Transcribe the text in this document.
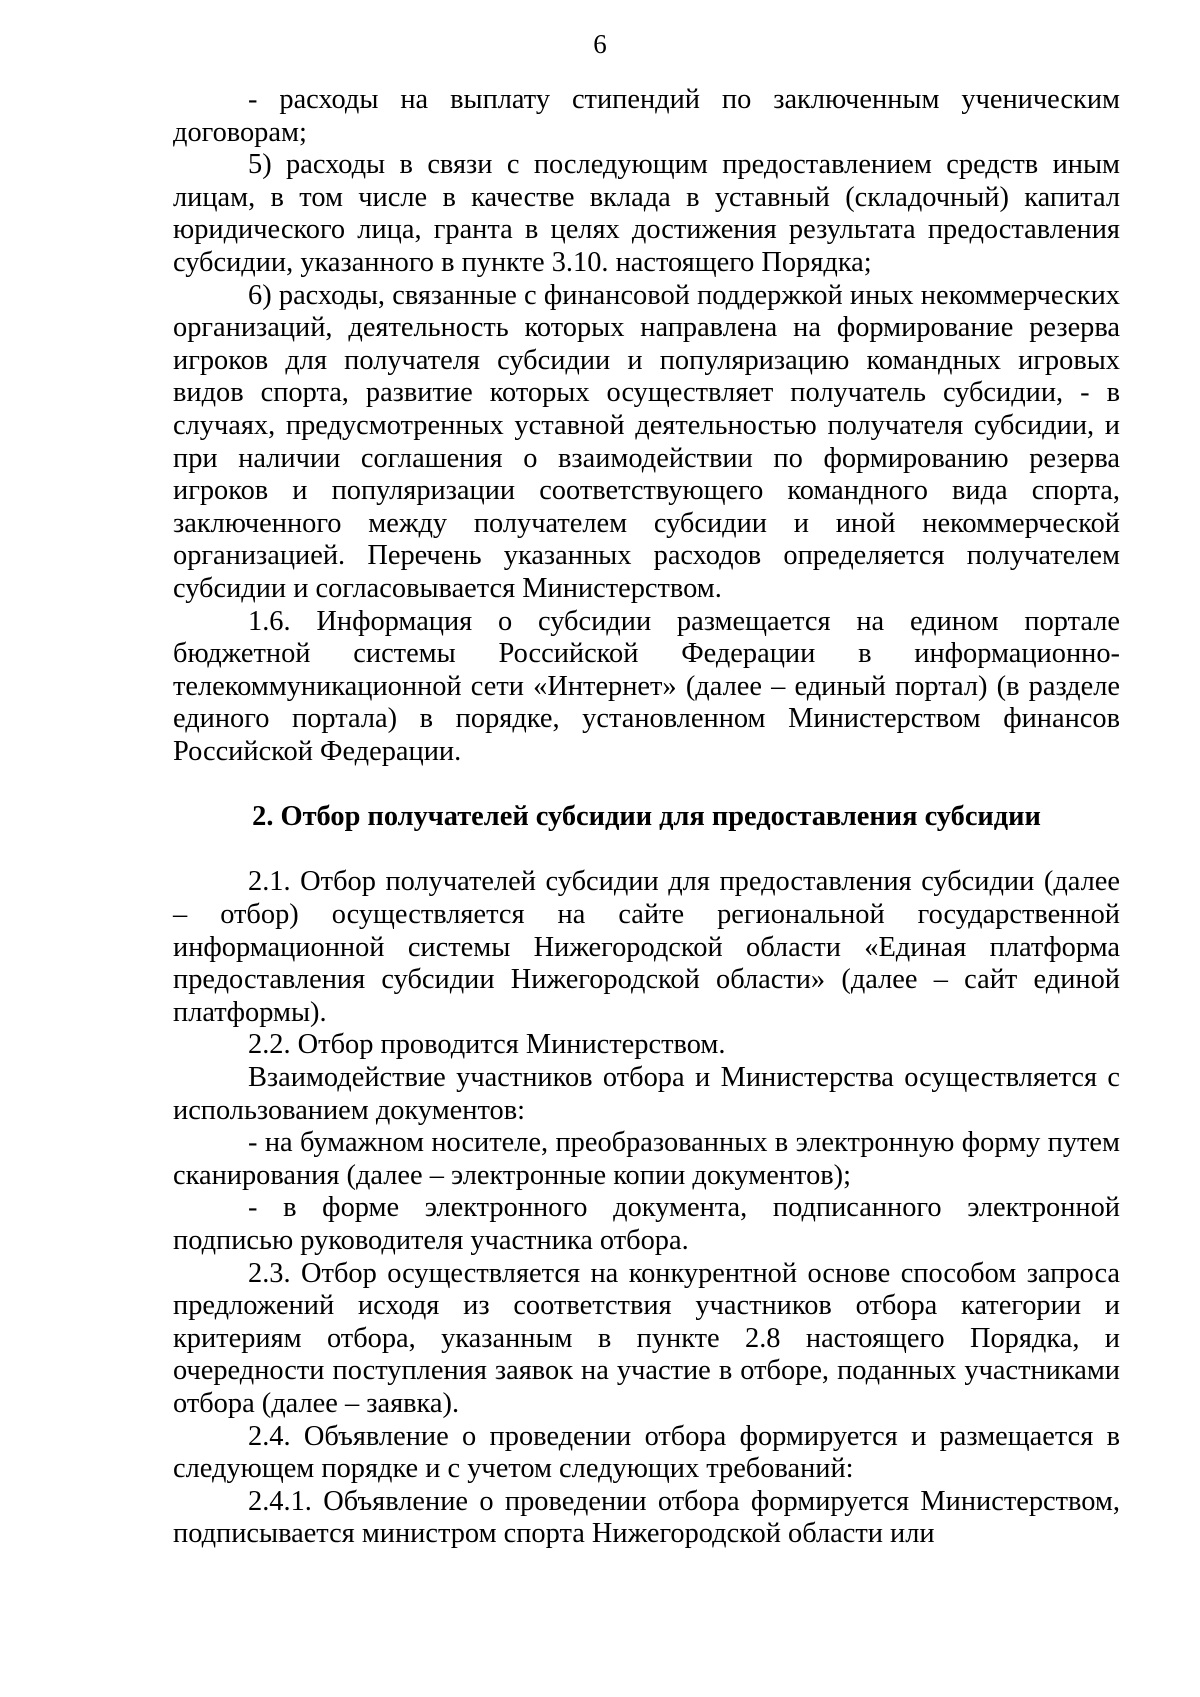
6

- расходы на выплату стипендий по заключенным ученическим договорам;

5) расходы в связи с последующим предоставлением средств иным лицам, в том числе в качестве вклада в уставный (складочный) капитал юридического лица, гранта в целях достижения результата предоставления субсидии, указанного в пункте 3.10. настоящего Порядка;

6) расходы, связанные с финансовой поддержкой иных некоммерческих организаций, деятельность которых направлена на формирование резерва игроков для получателя субсидии и популяризацию командных игровых видов спорта, развитие которых осуществляет получатель субсидии, - в случаях, предусмотренных уставной деятельностью получателя субсидии, и при наличии соглашения о взаимодействии по формированию резерва игроков и популяризации соответствующего командного вида спорта, заключенного между получателем субсидии и иной некоммерческой организацией. Перечень указанных расходов определяется получателем субсидии и согласовывается Министерством.

1.6. Информация о субсидии размещается на едином портале бюджетной системы Российской Федерации в информационно-телекоммуникационной сети «Интернет» (далее – единый портал) (в разделе единого портала) в порядке, установленном Министерством финансов Российской Федерации.

2. Отбор получателей субсидии для предоставления субсидии

2.1. Отбор получателей субсидии для предоставления субсидии (далее – отбор) осуществляется на сайте региональной государственной информационной системы Нижегородской области «Единая платформа предоставления субсидии Нижегородской области» (далее – сайт единой платформы).

2.2. Отбор проводится Министерством.

Взаимодействие участников отбора и Министерства осуществляется с использованием документов:

- на бумажном носителе, преобразованных в электронную форму путем сканирования (далее – электронные копии документов);

- в форме электронного документа, подписанного электронной подписью руководителя участника отбора.

2.3. Отбор осуществляется на конкурентной основе способом запроса предложений исходя из соответствия участников отбора категории и критериям отбора, указанным в пункте 2.8 настоящего Порядка, и очередности поступления заявок на участие в отборе, поданных участниками отбора (далее – заявка).

2.4. Объявление о проведении отбора формируется и размещается в следующем порядке и с учетом следующих требований:

2.4.1. Объявление о проведении отбора формируется Министерством, подписывается министром спорта Нижегородской области или
